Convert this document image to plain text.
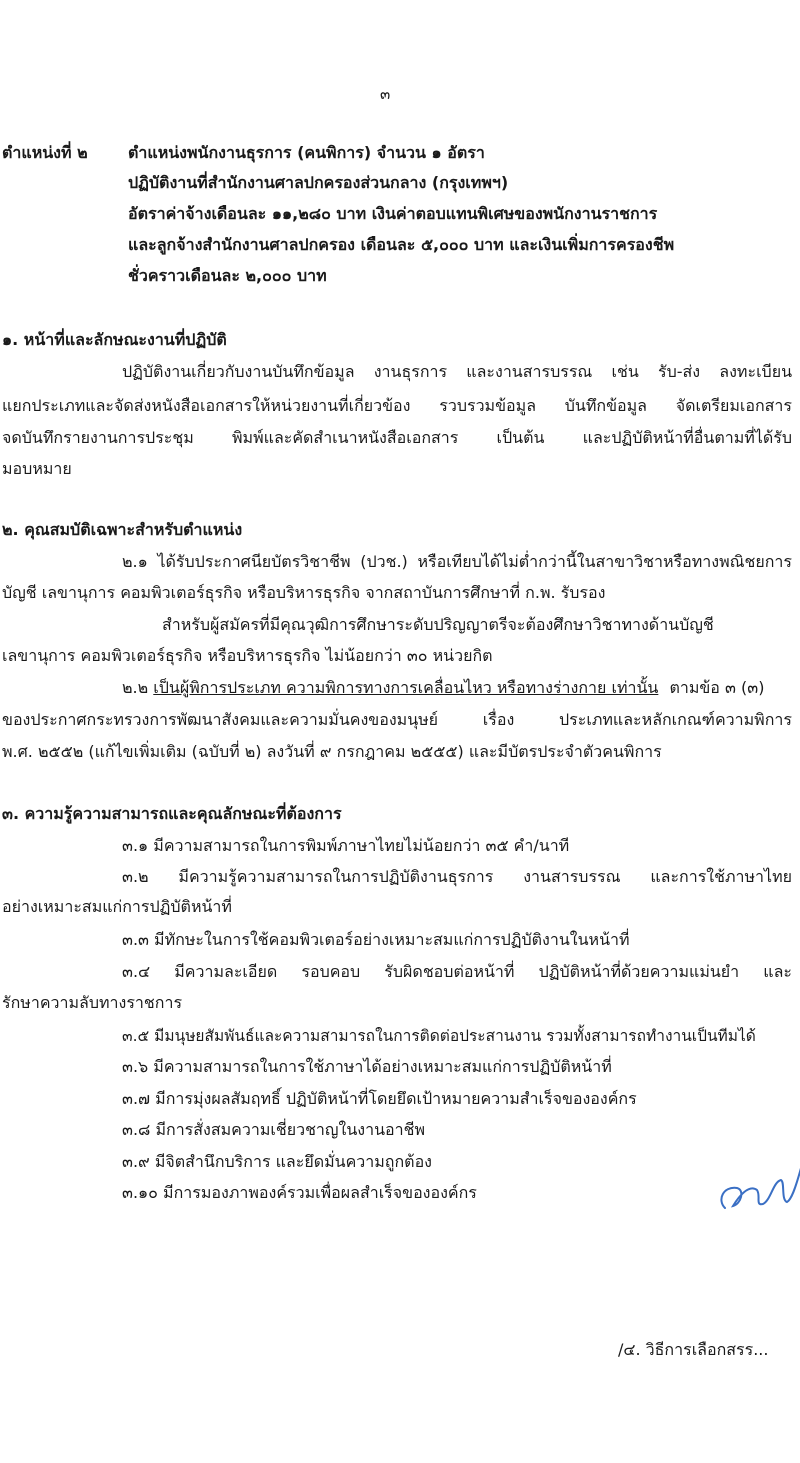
๓
ตำแหน่งที่ ๒	ตำแหน่งพนักงานธุรการ (คนพิการ) จำนวน ๑ อัตรา
ปฏิบัติงานที่สำนักงานศาลปกครองส่วนกลาง (กรุงเทพฯ)
อัตราค่าจ้างเดือนละ ๑๑,๒๘๐ บาท เงินค่าตอบแทนพิเศษของพนักงานราชการ
และลูกจ้างสำนักงานศาลปกครอง เดือนละ ๕,๐๐๐ บาท และเงินเพิ่มการครองชีพ
ชั่วคราวเดือนละ ๒,๐๐๐ บาท
๑. หน้าที่และลักษณะงานที่ปฏิบัติ
ปฏิบัติงานเกี่ยวกับงานบันทึกข้อมูล งานธุรการ และงานสารบรรณ เช่น รับ-ส่ง ลงทะเบียน
แยกประเภทและจัดส่งหนังสือเอกสารให้หน่วยงานที่เกี่ยวข้อง รวบรวมข้อมูล บันทึกข้อมูล จัดเตรียมเอกสาร
จดบันทึกรายงานการประชุม พิมพ์และคัดสำเนาหนังสือเอกสาร เป็นต้น และปฏิบัติหน้าที่อื่นตามที่ได้รับ
มอบหมาย
๒. คุณสมบัติเฉพาะสำหรับตำแหน่ง
๒.๑ ได้รับประกาศนียบัตรวิชาชีพ (ปวช.) หรือเทียบได้ไม่ต่ำกว่านี้ในสาขาวิชาหรือทางพณิชยการ
บัญชี เลขานุการ คอมพิวเตอร์ธุรกิจ หรือบริหารธุรกิจ จากสถาบันการศึกษาที่ ก.พ. รับรอง
สำหรับผู้สมัครที่มีคุณวุฒิการศึกษาระดับปริญญาตรีจะต้องศึกษาวิชาทางด้านบัญชี
เลขานุการ คอมพิวเตอร์ธุรกิจ หรือบริหารธุรกิจ ไม่น้อยกว่า ๓๐ หน่วยกิต
๒.๒ เป็นผู้พิการประเภท ความพิการทางการเคลื่อนไหว หรือทางร่างกาย เท่านั้น ตามข้อ ๓ (๓)
ของประกาศกระทรวงการพัฒนาสังคมและความมั่นคงของมนุษย์ เรื่อง ประเภทและหลักเกณฑ์ความพิการ
พ.ศ. ๒๕๕๒ (แก้ไขเพิ่มเติม (ฉบับที่ ๒) ลงวันที่ ๙ กรกฎาคม ๒๕๕๕) และมีบัตรประจำตัวคนพิการ
๓. ความรู้ความสามารถและคุณลักษณะที่ต้องการ
๓.๑ มีความสามารถในการพิมพ์ภาษาไทยไม่น้อยกว่า ๓๕ คำ/นาที
๓.๒ มีความรู้ความสามารถในการปฏิบัติงานธุรการ งานสารบรรณ และการใช้ภาษาไทย
อย่างเหมาะสมแก่การปฏิบัติหน้าที่
๓.๓ มีทักษะในการใช้คอมพิวเตอร์อย่างเหมาะสมแก่การปฏิบัติงานในหน้าที่
๓.๔ มีความละเอียด รอบคอบ รับผิดชอบต่อหน้าที่ ปฏิบัติหน้าที่ด้วยความแม่นยำ และ
รักษาความลับทางราชการ
๓.๕ มีมนุษยสัมพันธ์และความสามารถในการติดต่อประสานงาน รวมทั้งสามารถทำงานเป็นทีมได้
๓.๖ มีความสามารถในการใช้ภาษาได้อย่างเหมาะสมแก่การปฏิบัติหน้าที่
๓.๗ มีการมุ่งผลสัมฤทธิ์ ปฏิบัติหน้าที่โดยยึดเป้าหมายความสำเร็จขององค์กร
๓.๘ มีการสั่งสมความเชี่ยวชาญในงานอาชีพ
๓.๙ มีจิตสำนึกบริการ และยึดมั่นความถูกต้อง
๓.๑๐ มีการมองภาพองค์รวมเพื่อผลสำเร็จขององค์กร
/๔. วิธีการเลือกสรร...
